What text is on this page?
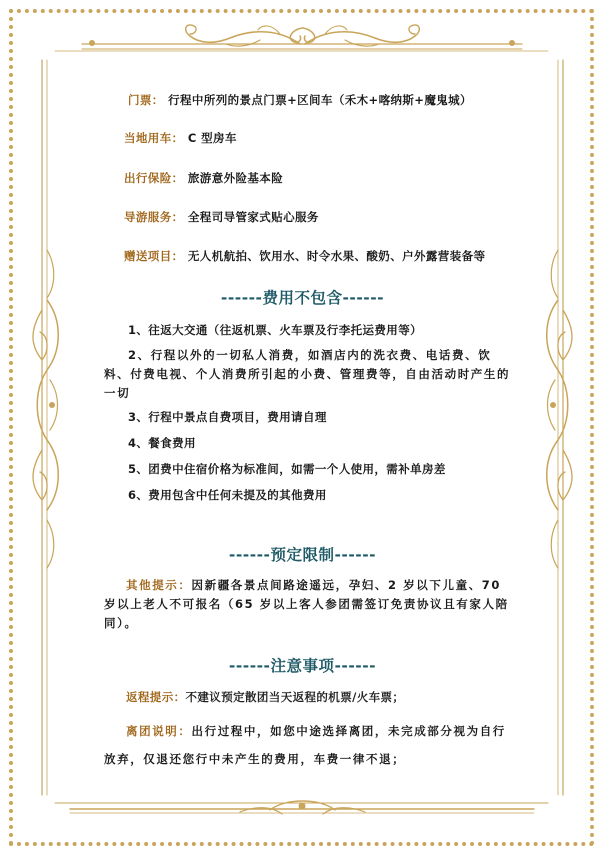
门票： 行程中所列的景点门票+区间车（禾木+喀纳斯+魔鬼城）
当地用车： C 型房车
出行保险： 旅游意外险基本险
导游服务： 全程司导管家式贴心服务
赠送项目： 无人机航拍、饮用水、时令水果、酸奶、户外露营装备等
------费用不包含------
1、往返大交通（往返机票、火车票及行李托运费用等）
2、行程以外的一切私人消费，如酒店内的洗衣费、电话费、饮料、付费电视、个人消费所引起的小费、管理费等，自由活动时产生的一切
3、行程中景点自费项目，费用请自理
4、餐食费用
5、团费中住宿价格为标准间，如需一个人使用，需补单房差
6、费用包含中任何未提及的其他费用
------预定限制------
其他提示：因新疆各景点间路途遥远，孕妇、2 岁以下儿童、70 岁以上老人不可报名（65 岁以上客人参团需签订免责协议且有家人陪同）。
------注意事项------
返程提示：不建议预定散团当天返程的机票/火车票；
离团说明：出行过程中，如您中途选择离团，未完成部分视为自行放弃，仅退还您行中未产生的费用，车费一律不退；
